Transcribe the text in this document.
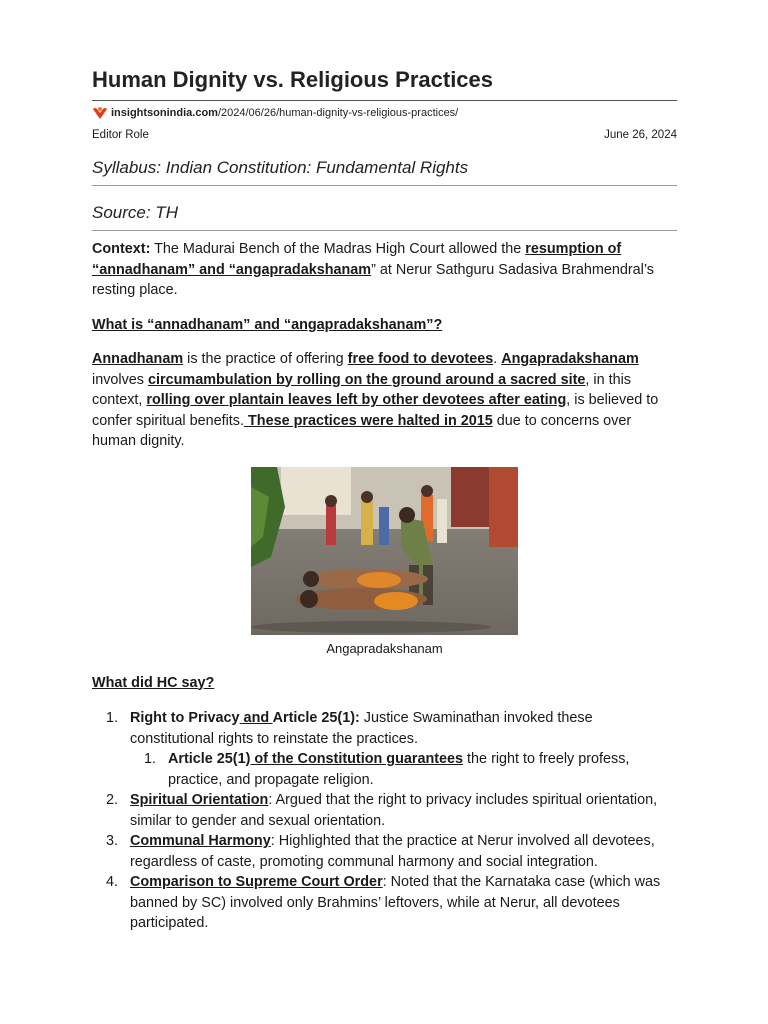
Human Dignity vs. Religious Practices
insightsonindia.com /2024/06/26/human-dignity-vs-religious-practices/
Editor Role	June 26, 2024
Syllabus: Indian Constitution: Fundamental Rights
Source: TH

Context: The Madurai Bench of the Madras High Court allowed the resumption of “annadhanam” and “angapradakshanam” at Nerur Sathguru Sadasiva Brahmendral’s resting place.

What is “annadhanam” and “angapradakshanam”?

Annadhanam is the practice of offering free food to devotees. Angapradakshanam involves circumambulation by rolling on the ground around a sacred site, in this context, rolling over plantain leaves left by other devotees after eating, is believed to confer spiritual benefits. These practices were halted in 2015 due to concerns over human dignity.

Angapradakshanam

What did HC say?

1. Right to Privacy and Article 25(1): Justice Swaminathan invoked these constitutional rights to reinstate the practices.
1. Article 25(1) of the Constitution guarantees the right to freely profess, practice, and propagate religion.
2. Spiritual Orientation: Argued that the right to privacy includes spiritual orientation, similar to gender and sexual orientation.
3. Communal Harmony: Highlighted that the practice at Nerur involved all devotees, regardless of caste, promoting communal harmony and social integration.
4. Comparison to Supreme Court Order: Noted that the Karnataka case (which was banned by SC) involved only Brahmins’ leftovers, while at Nerur, all devotees participated.
